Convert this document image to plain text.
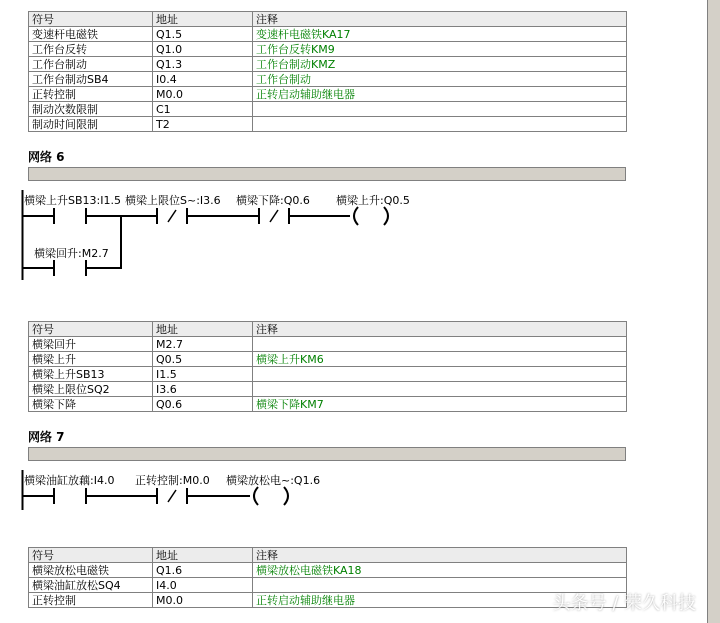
符号	地址	注释
变速杆电磁铁	Q1.5	变速杆电磁铁KA17
工作台反转	Q1.0	工作台反转KM9
工作台制动	Q1.3	工作台制动KMZ
工作台制动SB4	I0.4	工作台制动
正转控制	M0.0	正转启动辅助继电器
制动次数限制	C1	
制动时间限制	T2	
网络 6
横梁上升SB13:I1.5 横梁上限位S~:I3.6 横梁下降:Q0.6 横梁上升:Q0.5
横梁回升:M2.7
符号	地址	注释
横梁回升	M2.7	
横梁上升	Q0.5	横梁上升KM6
横梁上升SB13	I1.5	
横梁上限位SQ2	I3.6	
横梁下降	Q0.6	横梁下降KM7
网络 7
横梁油缸放藕:I4.0 正转控制:M0.0 横梁放松电~:Q1.6
符号	地址	注释
横梁放松电磁铁	Q1.6	横梁放松电磁铁KA18
横梁油缸放松SQ4	I4.0	
正转控制	M0.0	正转启动辅助继电器	头条号 / 荣久科技
